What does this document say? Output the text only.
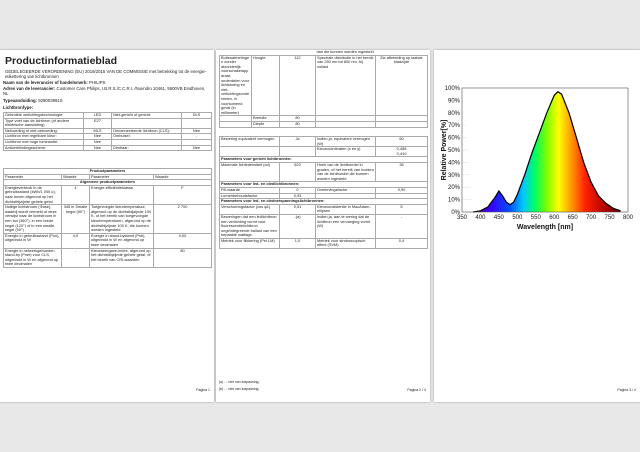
Productinformatieblad
GEDELEGEERDE VERORDENING (EU) 2019/2015 VAN DE COMMISSIE met betrekking tot de energie-etikettering van lichtbronnen
Naam van de leverancier of handelsmerk: PHILIPS
Adres van de leverancier: Customer Care Philips, I.B.R.S./C.C.R.I. /Nuvndro 10461, 5600VB Eindhoven, NL
Typeaanduiding: 929003991S
Lichtbronfype:
Gebruikte verlichtingstechnologie:	LED	Niet-gericht of gericht:	DLS
Type voet van de lichtbron (of andere elektrische aansluiting)	E27		
Netvoeding of niet-netvoeding:	MLS	Geconnecteerde lichtbron (CLS):	Nee
Lichtbron met regelbare kleur:	Nee	Omhulsel:	-
Lichtbron met hoge luminantie:	Nee		
Antiverblindingsscherm:	Nee	Dimbaar:	Nee
Productparameters			
Parameter	Waarde	Parameter	Waarde
Algemene productparameters			
Energieverbruik in de gebruiksstand (kWh/1 000 u), naar boven afgerond op het dichtstbijzijnde gehele getal	4	Energie-efficiëntieklasse	F
Nuttige lichtstroom (Φuse), waarbij wordt vermeld of deze verwijst naar de lichtstroom in een bol (360°), in een brede kegel (120°) of in een smalle kegel (90°)	345 in Smalle kegel (90°)	Toegevoegde kleurtemperatuur, afgerond op de dichtstbijzijnde 100 K, of het bereik van toegevoegde kleurtemperaturen, afgerond op de dichtstbijzijnde 100 K, die kunnen worden ingesteld	2 700
Energie in gebruiksstand (Pon), uitgedrukt in W	4,0	Energie in stand-bystand (Psb), uitgedrukt in W en afgerond op twee decimalen	0,00
Energie in netwerkgebonden stand-by (Pnet) voor CLS, uitgedrukt in W en afgerond op twee decimalen	-	Kleurweergave-index, afgerond op het dichtstbijzijnde gehele getal, of het bereik van CRI-waarden	80
Pagina 1
			dan die kunnen worden ingesteld	
Buitenafmetingen zonder afzonderlijk voorschakelapparaat, onderdelen voor lichtsturing en niet-verlichtingsonderdelen, in voorkomend geval (in millimeter)	Hoogte	112	Spectrale distributie in het bereik van 250 nm tot 800 nm, bij vollast	Zie afbeelding op laatste bladzijde
	Breedte	80		
	Diepte	80		
Bewering equivalent vermogen	Ja	Indien ja, equivalent vermogen (W)	60
		Kleurcoördinaten (x en y)	0,458
0,410
Parameters voor gericht lichtbronnen:			
Maximale lichtintensiteit (cd)	620	Hoek van de lichtbundel in graden, of het bereik van hoeken van de lichtbundel die kunnen worden ingesteld	36
Parameters voor led- en oledlichtbronnen:			
R9-waarde	0	Overlevingsfactor	0,90
Lumenbehoudsfactor	0,93		
Parameters voor led- en olednetspanningslichtbronnen:			
Verschuivingsfactor (cos φ1)	0,51	Kleurconsistentie in MacAdam-ellipsen	5
Beweringen dat een ledlichtbron een verlichting vormt voor fluorescentielichtbron ongeïntegreerde ballast van een bepaalde wattage.	-(a)	Indien ja, aan te wering dat de lichtbron een vervanging vormt (W)	-
Metriek voor flikkering (Pst LM)	1,0	Metriek voor stroboscopisch effect (SVM)	0,4
(a) - : niet van toepassing;
(b) - : niet van toepassing.	Pagina 2 / 4
350 400 450 500 550 600 650 700 750 800
0%
10%
20%
30%
40%
50%
60%
70%
80%
90%
100%
Wavelength [nm]
Relative Power[%]
Pagina 3 / 4
